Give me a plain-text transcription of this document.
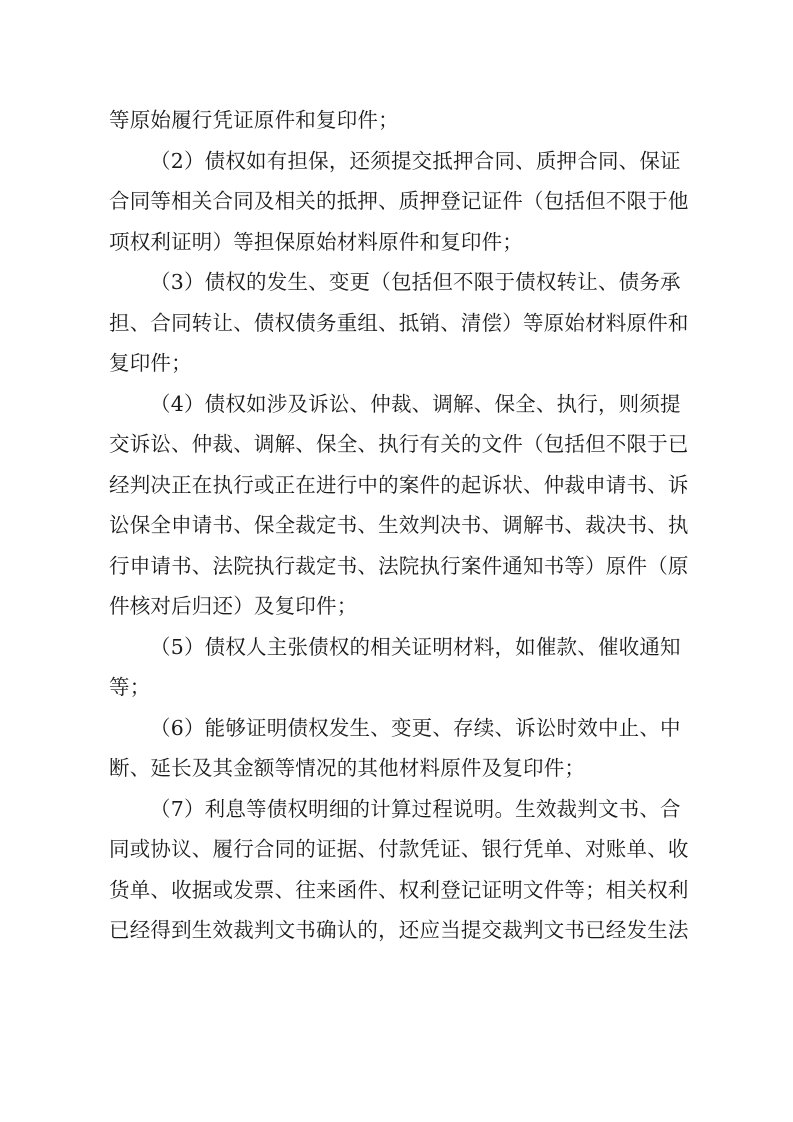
等原始履行凭证原件和复印件；
（2）债权如有担保，还须提交抵押合同、质押合同、保证
合同等相关合同及相关的抵押、质押登记证件（包括但不限于他
项权利证明）等担保原始材料原件和复印件；
（3）债权的发生、变更（包括但不限于债权转让、债务承
担、合同转让、债权债务重组、抵销、清偿）等原始材料原件和
复印件；
（4）债权如涉及诉讼、仲裁、调解、保全、执行，则须提
交诉讼、仲裁、调解、保全、执行有关的文件（包括但不限于已
经判决正在执行或正在进行中的案件的起诉状、仲裁申请书、诉
讼保全申请书、保全裁定书、生效判决书、调解书、裁决书、执
行申请书、法院执行裁定书、法院执行案件通知书等）原件（原
件核对后归还）及复印件；
（5）债权人主张债权的相关证明材料，如催款、催收通知
等；
（6）能够证明债权发生、变更、存续、诉讼时效中止、中
断、延长及其金额等情况的其他材料原件及复印件；
（7）利息等债权明细的计算过程说明。生效裁判文书、合
同或协议、履行合同的证据、付款凭证、银行凭单、对账单、收
货单、收据或发票、往来函件、权利登记证明文件等；相关权利
已经得到生效裁判文书确认的，还应当提交裁判文书已经发生法
